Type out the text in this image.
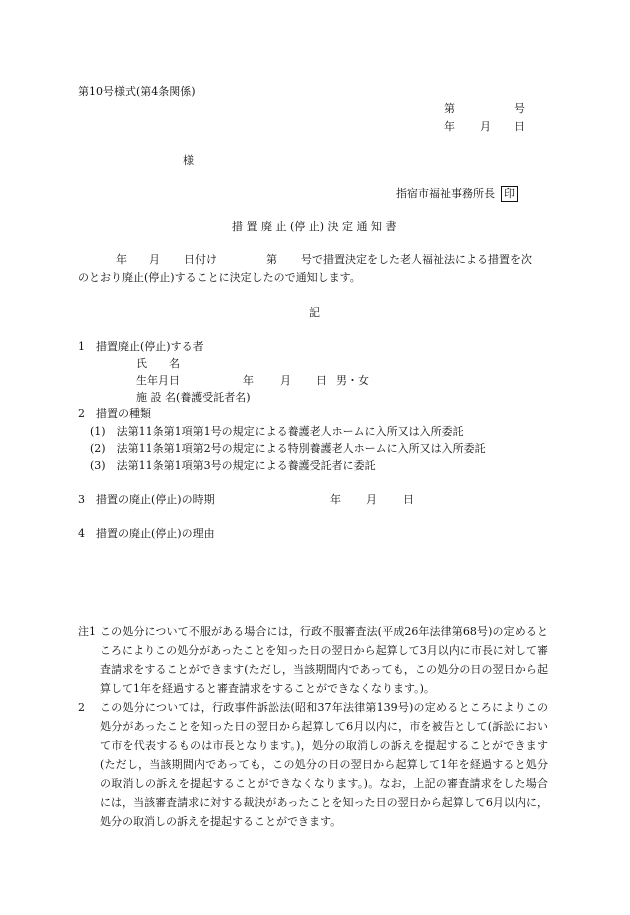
第10号様式(第4条関係)
第	号
年 月 日
様
指宿市福祉事務所長 印
措 置 廃 止 (停 止) 決 定 通 知 書
年 月 日付け	第 号で措置決定をした老人福祉法による措置を次
のとおり廃止(停止)することに決定したので通知します。
記
1　措置廃止(停止)する者
氏　　名
生年月日	年 月 日 男・女
施 設 名(養護受託者名)
2　措置の種類
(1)　法第11条第1項第1号の規定による養護老人ホームに入所又は入所委託
(2)　法第11条第1項第2号の規定による特別養護老人ホームに入所又は入所委託
(3)　法第11条第1項第3号の規定による養護受託者に委託
3　措置の廃止(停止)の時期	年 月 日
4　措置の廃止(停止)の理由
注1 この処分について不服がある場合には，行政不服審査法(平成26年法律第68号)の定めるところによりこの処分があったことを知った日の翌日から起算して3月以内に市長に対して審査請求をすることができます(ただし，当該期間内であっても，この処分の日の翌日から起算して1年を経過すると審査請求をすることができなくなります。)。
2 この処分については，行政事件訴訟法(昭和37年法律第139号)の定めるところによりこの処分があったことを知った日の翌日から起算して6月以内に，市を被告として(訴訟において市を代表するものは市長となります。)，処分の取消しの訴えを提起することができます(ただし，当該期間内であっても，この処分の日の翌日から起算して1年を経過すると処分の取消しの訴えを提起することができなくなります。)。なお，上記の審査請求をした場合には，当該審査請求に対する裁決があったことを知った日の翌日から起算して6月以内に，処分の取消しの訴えを提起することができます。
